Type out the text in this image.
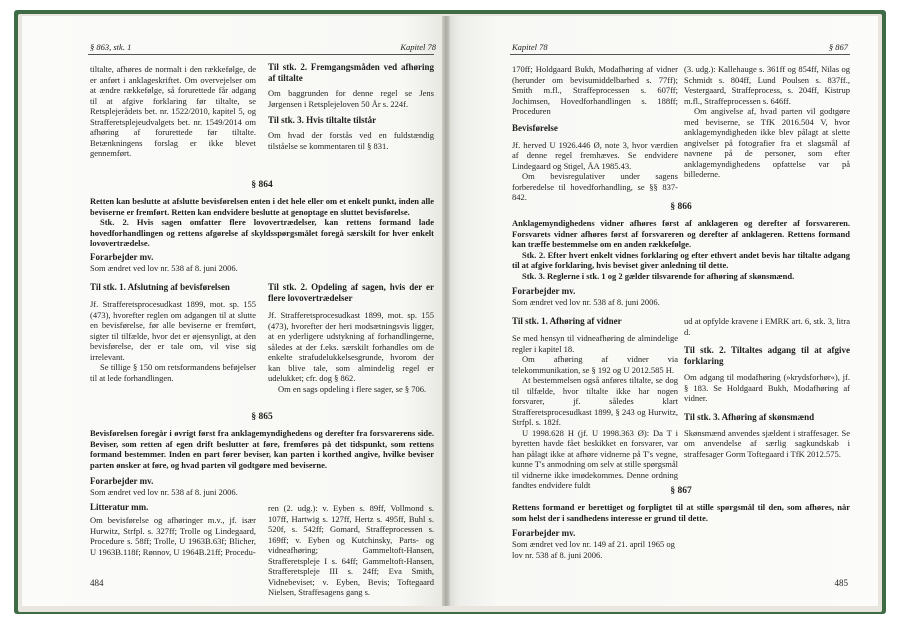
§ 863, stk. 1	Kapitel 78

tiltalte, afhøres de normalt i den rækkefølge, de er anført i anklageskriftet. Om overvejelser om at ændre rækkefølge, så forurettede får adgang til at afgive forklaring før tiltalte, se Retsplejerådets bet. nr. 1522/2010, kapitel 5, og Strafferetsplejeudvalgets bet. nr. 1549/2014 om afhøring af forurettede før tiltalte. Betænkningens forslag er ikke blevet gennemført.

Til stk. 2. Fremgangsmåden ved afhøring af tiltalte

Om baggrunden for denne regel se Jens Jørgensen i Retsplejeloven 50 År s. 224f.

Til stk. 3. Hvis tiltalte tilstår

Om hvad der forstås ved en fuldstændig tilståelse se kommentaren til § 831.

§ 864

Retten kan beslutte at afslutte bevisførelsen enten i det hele eller om et enkelt punkt, inden alle beviserne er fremført. Retten kan endvidere beslutte at genoptage en sluttet bevisførelse.

Stk. 2. Hvis sagen omfatter flere lovovertrædelser, kan rettens formand lade hovedforhandlingen og rettens afgørelse af skyldsspørgsmålet foregå særskilt for hver enkelt lovovertrædelse.

Forarbejder mv.

Som ændret ved lov nr. 538 af 8. juni 2006.

Til stk. 1. Afslutning af bevisførelsen

Jf. Strafferetsprocesudkast 1899, mot. sp. 155 (473), hvorefter reglen om adgangen til at slutte en bevisførelse, før alle beviserne er fremført, sigter til tilfælde, hvor det er øjensynligt, at den bevisførelse, der er tale om, vil vise sig irrelevant.

Se tillige § 150 om retsformandens beføjelser til at lede forhandlingen.

Til stk. 2. Opdeling af sagen, hvis der er flere lovovertrædelser

Jf. Strafferetsprocesudkast 1899, mot. sp. 155 (473), hvorefter der heri modsætningsvis ligger, at en yderligere udstykning af forhandlingerne, således at der f.eks. særskilt forhandles om de enkelte strafudelukkelsesgrunde, hvorom der kan blive tale, som almindelig regel er udelukket; cfr. dog § 862.

Om en sags opdeling i flere sager, se § 706.

§ 865

Bevisførelsen foregår i øvrigt først fra anklagemyndighedens og derefter fra forsvarerens side. Beviser, som retten af egen drift beslutter at føre, fremføres på det tidspunkt, som rettens formand bestemmer. Inden en part fører beviser, kan parten i korthed angive, hvilke beviser parten ønsker at føre, og hvad parten vil godtgøre med beviserne.

Forarbejder mv.

Som ændret ved lov nr. 538 af 8. juni 2006.

Litteratur mm.

Om bevisførelse og afhøringer m.v., jf. især Hurwitz, Strfpl. s. 327ff; Trolle og Lindegaard, Procedure s. 58ff; Trolle, U 1963B.63f; Blicher, U 1963B.118f; Rønnov, U 1964B.21ff; Procedu-

ren (2. udg.): v. Eyben s. 89ff, Vollmond s. 107ff, Hartwig s. 127ff, Hertz s. 495ff, Buhl s. 520f, s. 542ff; Gomard, Straffeprocessen s. 169ff; v. Eyben og Kutchinsky, Parts- og vidneafhøring; Gammeltoft-Hansen, Strafferetspleje I s. 64ff; Gammeltoft-Hansen, Strafferetspleje III s. 24ff; Eva Smith, Vidnebeviset; v. Eyben, Bevis; Toftegaard Nielsen, Straffesagens gang s.

484
Kapitel 78	§ 867

170ff; Holdgaard Bukh, Modafhøring af vidner (herunder om bevisumiddelbarhed s. 77ff); Smith m.fl., Straffeprocessen s. 607ff; Jochimsen, Hovedforhandlingen s. 188ff; Proceduren

Bevisførelse

Jf. herved U 1926.446 Ø, note 3, hvor værdien af denne regel fremhæves. Se endvidere Lindegaard og Stigel, ÅA 1985.43.

Om bevisregulativer under sagens forberedelse til hovedforhandling, se §§ 837-842.

(3. udg.): Kallehauge s. 361ff og 854ff, Nilas og Schmidt s. 804ff, Lund Poulsen s. 837ff., Vestergaard, Straffeprocess, s. 204ff, Kistrup m.fl., Straffeprocessen s. 646ff.

Om angivelse af, hvad parten vil godtgøre med beviserne, se TfK 2016.504 V, hvor anklagemyndigheden ikke blev pålagt at slette angivelser på fotografier fra et slagsmål af navnene på de personer, som efter anklagemyndighedens opfattelse var på billederne.

§ 866

Anklagemyndighedens vidner afhøres først af anklageren og derefter af forsvareren. Forsvarets vidner afhøres først af forsvareren og derefter af anklageren. Rettens formand kan træffe bestemmelse om en anden rækkefølge.

Stk. 2. Efter hvert enkelt vidnes forklaring og efter ethvert andet bevis har tiltalte adgang til at afgive forklaring, hvis beviset giver anledning til dette.

Stk. 3. Reglerne i stk. 1 og 2 gælder tilsvarende for afhøring af skønsmænd.

Forarbejder mv.

Som ændret ved lov nr. 538 af 8. juni 2006.

Til stk. 1. Afhøring af vidner

Se med hensyn til vidneafhøring de almindelige regler i kapitel 18.

Om afhøring af vidner via telekommunikation, se § 192 og U 2012.585 H.

At bestemmelsen også anføres tiltalte, se dog til tilfælde, hvor tiltalte ikke har nogen forsvarer, jf. således klart Strafferetsprocesudkast 1899, § 243 og Hurwitz, Strfpl. s. 182f.

U 1998.628 H (jf. U 1998.363 Ø): Da T i byretten havde fået beskikket en forsvarer, var han pålagt ikke at afhøre vidnerne på T's vegne, kunne T's anmodning om selv at stille spørgsmål til vidnerne ikke imødekommes. Denne ordning fandtes endvidere fuldt

ud at opfylde kravene i EMRK art. 6, stk. 3, litra d.

Til stk. 2. Tiltaltes adgang til at afgive forklaring

Om adgang til modafhøring (»krydsforhør«), jf. § 183. Se Holdgaard Bukh, Modafhøring af vidner.

Til stk. 3. Afhøring af skønsmænd

Skønsmænd anvendes sjældent i straffesager. Se om anvendelse af særlig sagkundskab i straffesager Gorm Toftegaard i TfK 2012.575.

§ 867

Rettens formand er berettiget og forpligtet til at stille spørgsmål til den, som afhøres, når som helst der i sandhedens interesse er grund til dette.

Forarbejder mv.

Som ændret ved lov nr. 149 af 21. april 1965 og lov nr. 538 af 8. juni 2006.

485
